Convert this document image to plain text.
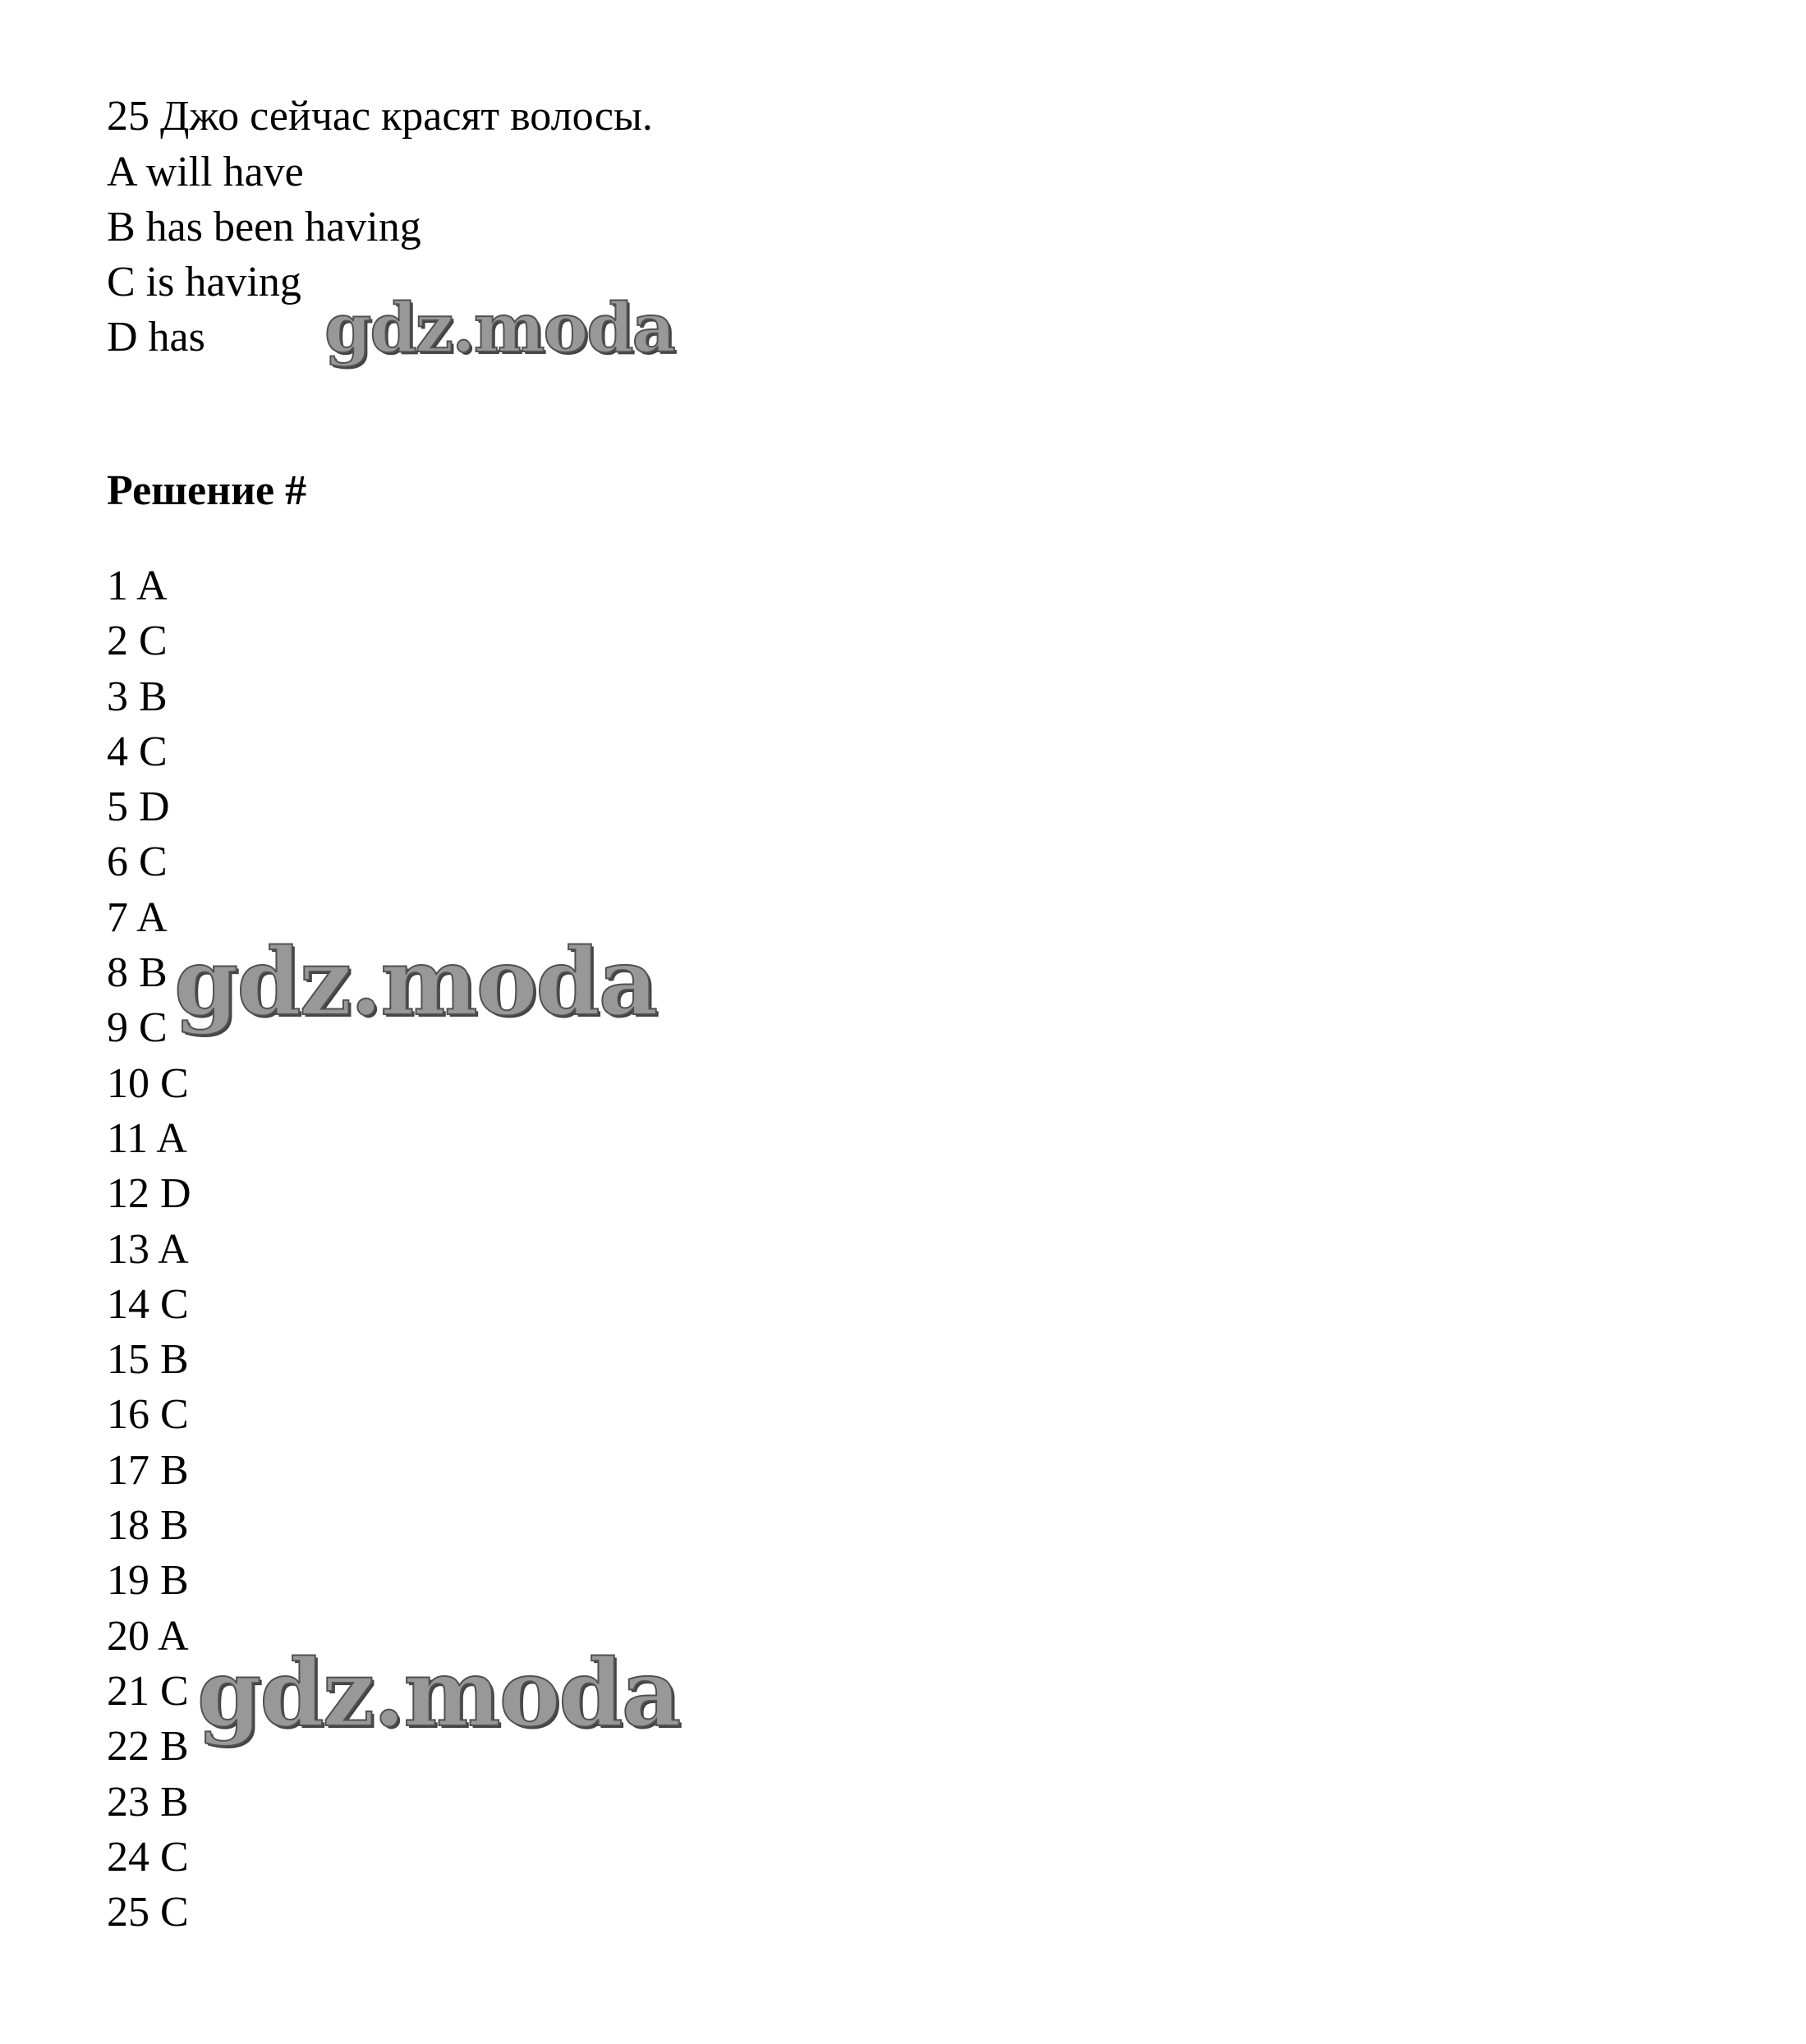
25 Джо сейчас красят волосы.
A will have
B has been having
C is having
D has
Решение #
1 A
2 C
3 B
4 C
5 D
6 C
7 A
8 B
9 C
10 C
11 A
12 D
13 A
14 C
15 B
16 C
17 B
18 B
19 B
20 A
21 C
22 B
23 B
24 C
25 C
gdz.moda
gdz.moda
gdz.moda
